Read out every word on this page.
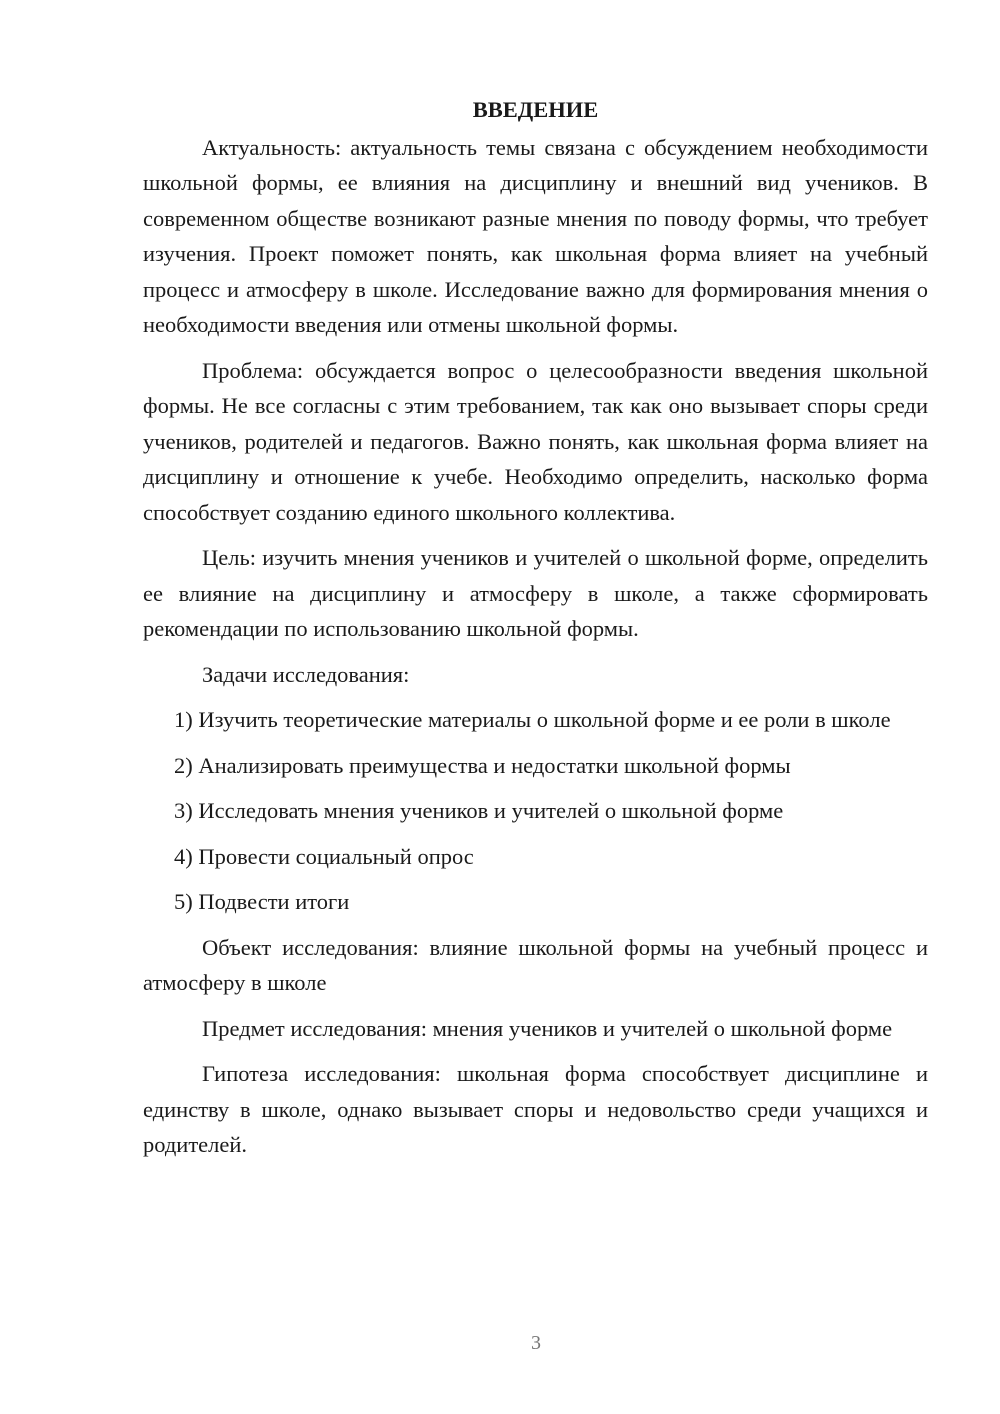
ВВЕДЕНИЕ

Актуальность: актуальность темы связана с обсуждением необходимости школьной формы, ее влияния на дисциплину и внешний вид учеников. В современном обществе возникают разные мнения по поводу формы, что требует изучения. Проект поможет понять, как школьная форма влияет на учебный процесс и атмосферу в школе. Исследование важно для формирования мнения о необходимости введения или отмены школьной формы.

Проблема: обсуждается вопрос о целесообразности введения школьной формы. Не все согласны с этим требованием, так как оно вызывает споры среди учеников, родителей и педагогов. Важно понять, как школьная форма влияет на дисциплину и отношение к учебе. Необходимо определить, насколько форма способствует созданию единого школьного коллектива.

Цель: изучить мнения учеников и учителей о школьной форме, определить ее влияние на дисциплину и атмосферу в школе, а также сформировать рекомендации по использованию школьной формы.

Задачи исследования:

1) Изучить теоретические материалы о школьной форме и ее роли в школе

2) Анализировать преимущества и недостатки школьной формы

3) Исследовать мнения учеников и учителей о школьной форме

4) Провести социальный опрос

5) Подвести итоги

Объект исследования: влияние школьной формы на учебный процесс и атмосферу в школе

Предмет исследования: мнения учеников и учителей о школьной форме

Гипотеза исследования: школьная форма способствует дисциплине и единству в школе, однако вызывает споры и недовольство среди учащихся и родителей.

3
